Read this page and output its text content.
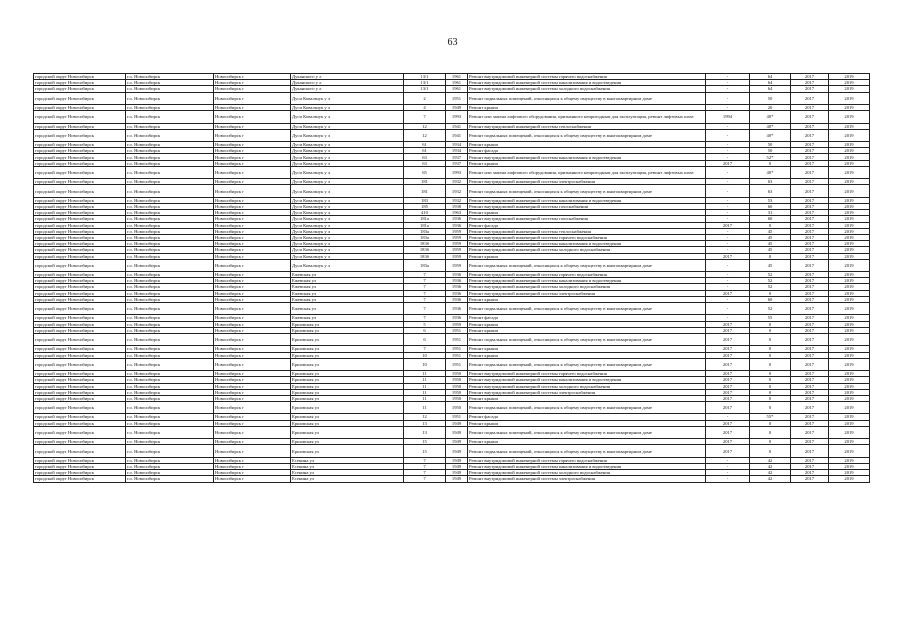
63
городской округ Новосибирск	г.о. Новосибирск	Новосибирск г	Дуканского у л	13/1	1961	Ремонт внутридомовой инженерной системы горячего водоснабжения	-	64	2017	2019
городской округ Новосибирск	г.о. Новосибирск	Новосибирск г	Дуканского у л	13/1	1961	Ремонт внутридомовой инженерной системы канализования и водоотведения	-	64	2017	2019
городской округ Новосибирск	г.о. Новосибирск	Новосибирск г	Дуканского у л	13/1	1961	Ремонт внутридомовой инженерной системы холодного водоснабжения	-	64	2017	2019
городской округ Новосибирск	г.о. Новосибирск	Новосибирск г	Дуси Ковальчук у л	2	1951	Ремонт подвальных помещений, относящихся к общему имуществу в многоквартирном доме	-	50	2017	2019
городской округ Новосибирск	г.о. Новосибирск	Новосибирск г	Дуси Ковальчук у л	4	1949	Ремонт крыши	-	20	2017	2019
городской округ Новосибирск	г.о. Новосибирск	Новосибирск г	Дуси Ковальчук у л	7	1993	Ремонт или замена лифтового оборудования, признанного непригодным для эксплуатации, ремонт лифтовых шахт	1994	40*	2017	2019
городской округ Новосибирск	г.о. Новосибирск	Новосибирск г	Дуси Ковальчук у л	12	1941	Ремонт внутридомовой инженерной системы теплоснабжения	-	40*	2017	2019
городской округ Новосибирск	г.о. Новосибирск	Новосибирск г	Дуси Ковальчук у л	12	1941	Ремонт подвальных помещений, относящихся к общему имуществу в многоквартирном доме	-	40*	2017	2019
городской округ Новосибирск	г.о. Новосибирск	Новосибирск г	Дуси Ковальчук у л	61	1934	Ремонт крыши	-	50	2017	2019
городской округ Новосибирск	г.о. Новосибирск	Новосибирск г	Дуси Ковальчук у л	61	1934	Ремонт фасада	-	50	2017	2019
городской округ Новосибирск	г.о. Новосибирск	Новосибирск г	Дуси Ковальчук у л	63	1937	Ремонт внутридомовой инженерной системы канализования и водоотведения	-	52*	2017	2019
городской округ Новосибирск	г.о. Новосибирск	Новосибирск г	Дуси Ковальчук у л	63	1937	Ремонт крыши	2017	0	2017	2019
городской округ Новосибирск	г.о. Новосибирск	Новосибирск г	Дуси Ковальчук у л	65	1993	Ремонт или замена лифтового оборудования, признанного непригодным для эксплуатации, ремонт лифтовых шахт	-	40*	2017	2019
городской округ Новосибирск	г.о. Новосибирск	Новосибирск г	Дуси Ковальчук у л	181	1932	Ремонт внутридомовой инженерной системы электроснабжения	-	63	2017	2019
городской округ Новосибирск	г.о. Новосибирск	Новосибирск г	Дуси Ковальчук у л	181	1932	Ремонт подвальных помещений, относящихся к общему имуществу в многоквартирном доме	-	63	2017	2019
городской округ Новосибирск	г.о. Новосибирск	Новосибирск г	Дуси Ковальчук у л	183	1932	Ремонт внутридомовой инженерной системы канализования и водоотведения	-	53	2017	2019
городской округ Новосибирск	г.о. Новосибирск	Новосибирск г	Дуси Ковальчук у л	185	1938	Ремонт внутридомовой инженерной системы газоснабжения	-	60	2017	2019
городской округ Новосибирск	г.о. Новосибирск	Новосибирск г	Дуси Ковальчук у л	410	1963	Ремонт крыши	-	31	2017	2019
городской округ Новосибирск	г.о. Новосибирск	Новосибирск г	Дуси Ковальчук у л	181a	1936	Ремонт внутридомовой инженерной системы газоснабжения	-	60	2017	2019
городской округ Новосибирск	г.о. Новосибирск	Новосибирск г	Дуси Ковальчук у л	181a	1936	Ремонт фасада	2017	0	2017	2019
городской округ Новосибирск	г.о. Новосибирск	Новосибирск г	Дуси Ковальчук у л	183a	1959	Ремонт внутридомовой инженерной системы теплоснабжения	-	45	2017	2019
городской округ Новосибирск	г.о. Новосибирск	Новосибирск г	Дуси Ковальчук у л	183a	1959	Ремонт внутридомовой инженерной системы горячего водоснабжения	-	45	2017	2019
городской округ Новосибирск	г.о. Новосибирск	Новосибирск г	Дуси Ковальчук у л	183б	1959	Ремонт внутридомовой инженерной системы канализования и водоотведения	-	45	2017	2019
городской округ Новосибирск	г.о. Новосибирск	Новосибирск г	Дуси Ковальчук у л	183б	1959	Ремонт внутридомовой инженерной системы холодного водоснабжения	-	45	2017	2019
городской округ Новосибирск	г.о. Новосибирск	Новосибирск г	Дуси Ковальчук у л	183б	1959	Ремонт крыши	2017	0	2017	2019
городской округ Новосибирск	г.о. Новосибирск	Новосибирск г	Дуси Ковальчук у л	183а	1959	Ремонт подвальных помещений, относящихся к общему имуществу в многоквартирном доме	-	45	2017	2019
городской округ Новосибирск	г.о. Новосибирск	Новосибирск г	Ежевская ул	7	1936	Ремонт внутридомовой инженерной системы горячего водоснабжения	-	52	2017	2019
городской округ Новосибирск	г.о. Новосибирск	Новосибирск г	Ежевская ул	7	1936	Ремонт внутридомовой инженерной системы канализования и водоотведения	-	52	2017	2019
городской округ Новосибирск	г.о. Новосибирск	Новосибирск г	Ежевская ул	7	1936	Ремонт внутридомовой инженерной системы холодного водоснабжения	-	52	2017	2019
городской округ Новосибирск	г.о. Новосибирск	Новосибирск г	Ежевская ул	7	1936	Ремонт внутридомовой инженерной системы электроснабжения	2017	0	2017	2019
городской округ Новосибирск	г.о. Новосибирск	Новосибирск г	Ежевская ул	7	1936	Ремонт крыши	-	60	2017	2019
городской округ Новосибирск	г.о. Новосибирск	Новосибирск г	Ежевская ул	7	1936	Ремонт подвальных помещений, относящихся к общему имуществу в многоквартирном доме	-	52	2017	2019
городской округ Новосибирск	г.о. Новосибирск	Новосибирск г	Ежевская ул	7	1936	Ремонт фасада	-	55	2017	2019
городской округ Новосибирск	г.о. Новосибирск	Новосибирск г	Ершовская ул	5	1959	Ремонт крыши	2017	0	2017	2019
городской округ Новосибирск	г.о. Новосибирск	Новосибирск г	Ершовская ул	6	1951	Ремонт крыши	2017	0	2017	2019
городской округ Новосибирск	г.о. Новосибирск	Новосибирск г	Ершовская ул	6	1951	Ремонт подвальных помещений, относящихся к общему имуществу в многоквартирном доме	2017	0	2017	2019
городской округ Новосибирск	г.о. Новосибирск	Новосибирск г	Ершовская ул	7	1951	Ремонт крыши	2017	0	2017	2019
городской округ Новосибирск	г.о. Новосибирск	Новосибирск г	Ершовская ул	10	1951	Ремонт крыши	2017	0	2017	2019
городской округ Новосибирск	г.о. Новосибирск	Новосибирск г	Ершовская ул	10	1951	Ремонт подвальных помещений, относящихся к общему имуществу в многоквартирном доме	2017	0	2017	2019
городской округ Новосибирск	г.о. Новосибирск	Новосибирск г	Ершовская ул	11	1950	Ремонт внутридомовой инженерной системы горячего водоснабжения	2017	0	2017	2019
городской округ Новосибирск	г.о. Новосибирск	Новосибирск г	Ершовская ул	11	1950	Ремонт внутридомовой инженерной системы канализования и водоотведения	2017	0	2017	2019
городской округ Новосибирск	г.о. Новосибирск	Новосибирск г	Ершовская ул	11	1950	Ремонт внутридомовой инженерной системы холодного водоснабжения	2017	0	2017	2019
городской округ Новосибирск	г.о. Новосибирск	Новосибирск г	Ершовская ул	11	1950	Ремонт внутридомовой инженерной системы электроснабжения	2017	0	2017	2019
городской округ Новосибирск	г.о. Новосибирск	Новосибирск г	Ершовская ул	11	1950	Ремонт крыши	2017	0	2017	2019
городской округ Новосибирск	г.о. Новосибирск	Новосибирск г	Ершовская ул	11	1950	Ремонт подвальных помещений, относящихся к общему имуществу в многоквартирном доме	2017	0	2017	2019
городской округ Новосибирск	г.о. Новосибирск	Новосибирск г	Ершовская ул	12	1951	Ремонт фасада	-	55*	2017	2019
городской округ Новосибирск	г.о. Новосибирск	Новосибирск г	Ершовская ул	13	1949	Ремонт крыши	2017	0	2017	2019
городской округ Новосибирск	г.о. Новосибирск	Новосибирск г	Ершовская ул	13	1949	Ремонт подвальных помещений, относящихся к общему имуществу в многоквартирном доме	2017	0	2017	2019
городской округ Новосибирск	г.о. Новосибирск	Новосибирск г	Ершовская ул	15	1949	Ремонт крыши	2017	0	2017	2019
городской округ Новосибирск	г.о. Новосибирск	Новосибирск г	Ершовская ул	15	1949	Ремонт подвальных помещений, относящихся к общему имуществу в многоквартирном доме	2017	0	2017	2019
городской округ Новосибирск	г.о. Новосибирск	Новосибирск г	Есенина ул	7	1949	Ремонт внутридомовой инженерной системы горячего водоснабжения	-	42	2017	2019
городской округ Новосибирск	г.о. Новосибирск	Новосибирск г	Есенина ул	7	1949	Ремонт внутридомовой инженерной системы канализования и водоотведения	-	42	2017	2019
городской округ Новосибирск	г.о. Новосибирск	Новосибирск г	Есенина ул	7	1949	Ремонт внутридомовой инженерной системы холодного водоснабжения	-	42	2017	2019
городской округ Новосибирск	г.о. Новосибирск	Новосибирск г	Есенина ул	7	1949	Ремонт внутридомовой инженерной системы электроснабжения	-	42	2017	2019
